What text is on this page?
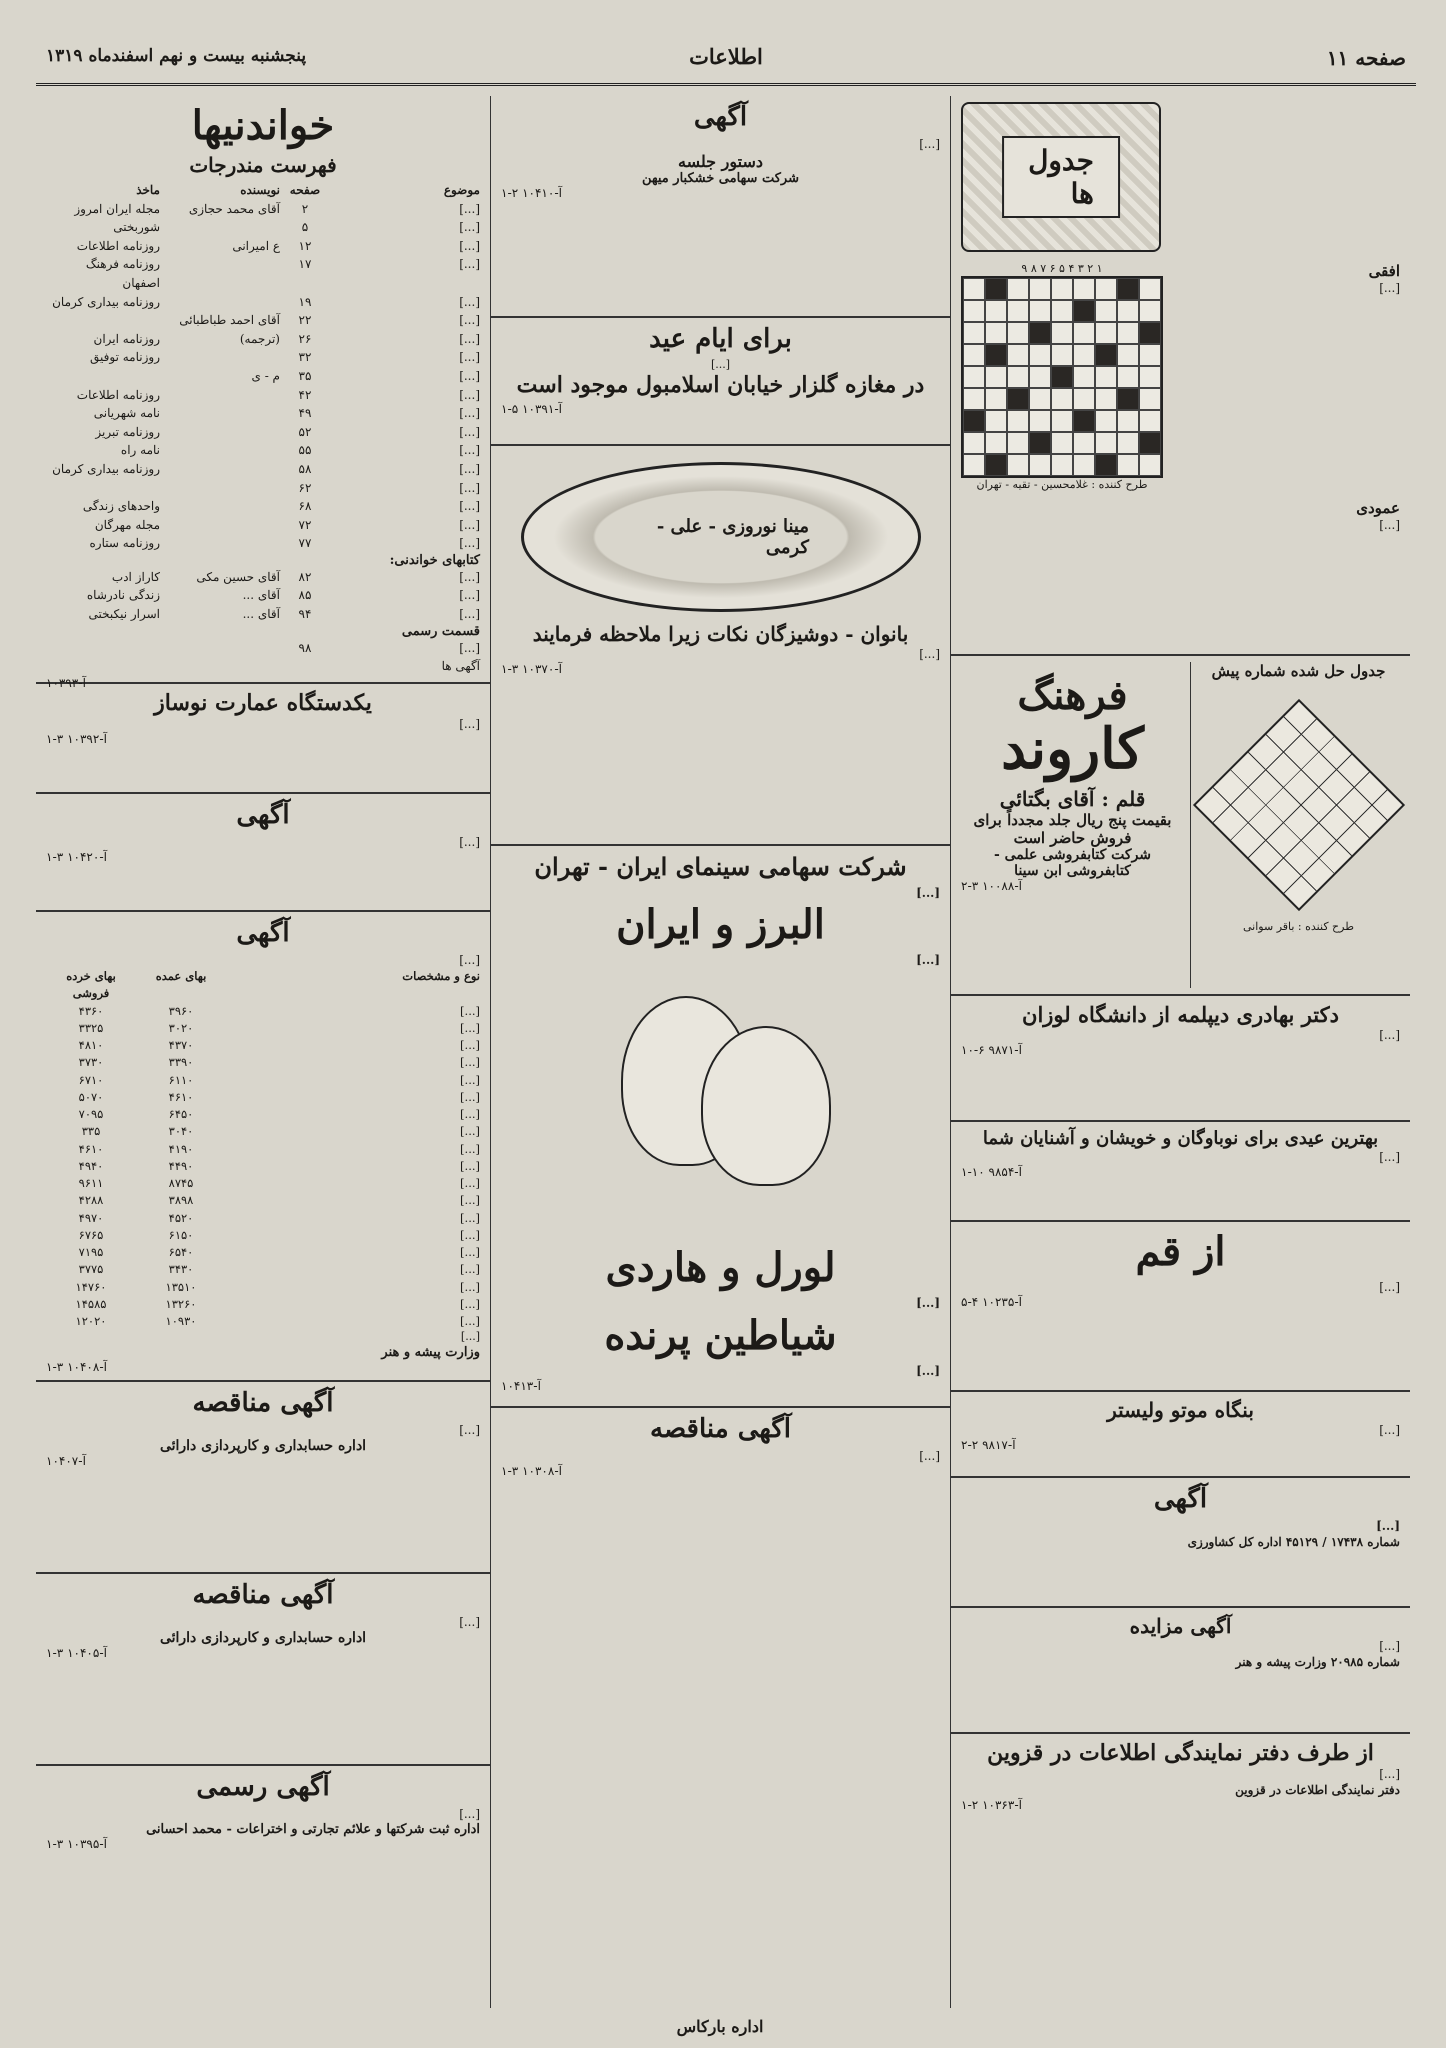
صفحه ۱۱
اطلاعات
پنجشنبه بیست و نهم اسفندماه ۱۳۱۹
جدول ها
افقی
[...]
۹ ۸ ۷ ۶ ۵ ۴ ۳ ۲ ۱
طرح کننده : غلامحسین - تقیه - تهران
عمودی
[...]
جدول حل شده شماره پیش
طرح کننده : باقر سوانی
فرهنگ
کاروند
قلم : آقای بگتائی
بقیمت پنج ریال جلد مجدداً برای فروش حاضر است
شرکت کتابفروشی علمی - کتابفروشی ابن سینا
آ-۱۰۰۸۸ ۳-۲
دکتر بهادری دیپلمه از دانشگاه لوزان
[...]
آ-۹۸۷۱ ۶-۱۰
بهترین عیدی برای نوباوگان و خویشان و آشنایان شما
[...]
آ-۹۸۵۴ ۱۰-۱
از قم
[...]
آ-۱۰۲۳۵ ۴-۵
بنگاه موتو ولیستر
[...]
آ-۹۸۱۷ ۲-۲
آگهی
[...]
شماره ۱۷۴۳۸ / ۴۵۱۲۹ اداره کل کشاورزی
آگهی مزایده
[...]
شماره ۲۰۹۸۵ وزارت پیشه و هنر
از طرف دفتر نمایندگی اطلاعات در قزوین
[...]
دفتر نمایندگی اطلاعات در قزوین
آ-۱۰۳۶۳ ۲-۱
آگهی
[...]
دستور جلسه
شرکت سهامی خشکبار میهن
آ-۱۰۴۱۰ ۲-۱
برای ایام عید
[...]
در مغازه گلزار خیابان اسلامبول موجود است
آ-۱۰۳۹۱ ۵-۱
مینا نوروزی - علی - کرمی
بانوان - دوشیزگان نکات زیرا ملاحظه فرمایند
[...]
آ-۱۰۳۷۰ ۳-۱
شرکت سهامی سینمای ایران - تهران
[...]
البرز و ایران
[...]
لورل و هاردی
[...]
شیاطین پرنده
[...]
آ-۱۰۴۱۳
آگهی مناقصه
[...]
آ-۱۰۳۰۸ ۳-۱
خواندنیها
فهرست مندرجات
موضوع
صفحه
نویسنده
ماخذ
[...]
۲
آقای محمد حجازی
مجله ایران امروز
[...]
۵
شوربختی
[...]
۱۲
ع امیرانی
روزنامه اطلاعات
[...]
۱۷
روزنامه فرهنگ اصفهان
[...]
۱۹
روزنامه بیداری کرمان
[...]
۲۲
آقای احمد طباطبائی
[...]
۲۶
(ترجمه)
روزنامه ایران
[...]
۳۲
روزنامه توفیق
[...]
۳۵
م - ی
[...]
۴۲
روزنامه اطلاعات
[...]
۴۹
نامه شهریانی
[...]
۵۲
روزنامه تبریز
[...]
۵۵
نامه راه
[...]
۵۸
روزنامه بیداری کرمان
[...]
۶۲
[...]
۶۸
واحدهای زندگی
[...]
۷۲
مجله مهرگان
[...]
۷۷
روزنامه ستاره
کتابهای خواندنی:
[...]
۸۲
آقای حسین مکی
کاراز ادب
[...]
۸۵
آقای ...
زندگی نادرشاه
[...]
۹۴
آقای ...
اسرار نیکبختی
قسمت رسمی
[...]
۹۸
آگهی ها
آ-۱۰۳۹۳
یکدستگاه عمارت نوساز
[...]
آ-۱۰۳۹۲ ۳-۱
آگهی
[...]
آ-۱۰۴۲۰ ۳-۱
آگهی
[...]
نوع و مشخصات
بهای عمده
بهای خرده فروشی
[...]
۳۹۶۰
۴۳۶۰
[...]
۳۰۲۰
۳۳۲۵
[...]
۴۳۷۰
۴۸۱۰
[...]
۳۳۹۰
۳۷۳۰
[...]
۶۱۱۰
۶۷۱۰
[...]
۴۶۱۰
۵۰۷۰
[...]
۶۴۵۰
۷۰۹۵
[...]
۳۰۴۰
۳۳۵
[...]
۴۱۹۰
۴۶۱۰
[...]
۴۴۹۰
۴۹۴۰
[...]
۸۷۴۵
۹۶۱۱
[...]
۳۸۹۸
۴۲۸۸
[...]
۴۵۲۰
۴۹۷۰
[...]
۶۱۵۰
۶۷۶۵
[...]
۶۵۴۰
۷۱۹۵
[...]
۳۴۳۰
۳۷۷۵
[...]
۱۳۵۱۰
۱۴۷۶۰
[...]
۱۳۲۶۰
۱۴۵۸۵
[...]
۱۰۹۳۰
۱۲۰۲۰
[...]
وزارت پیشه و هنر
آ-۱۰۴۰۸ ۳-۱
آگهی مناقصه
[...]
اداره حسابداری و کارپردازی دارائی
آ-۱۰۴۰۷
آگهی مناقصه
[...]
اداره حسابداری و کارپردازی دارائی
آ-۱۰۴۰۵ ۳-۱
آگهی رسمی
[...]
اداره ثبت شرکتها و علائم تجارتی و اختراعات - محمد احسانی
آ-۱۰۳۹۵ ۳-۱
اداره بارکاس
